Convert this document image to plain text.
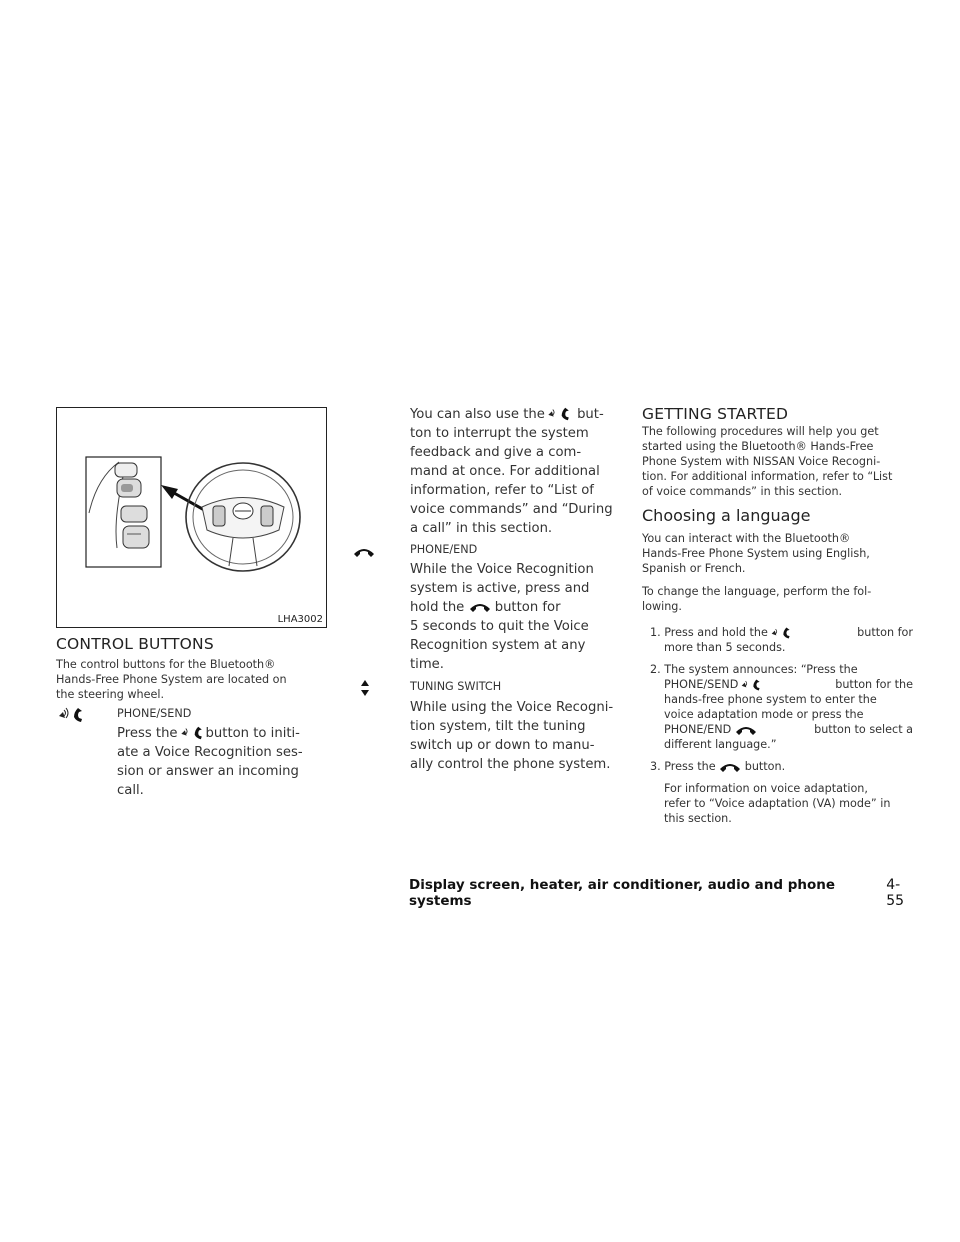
LHA3002
CONTROL BUTTONS
The control buttons for the Bluetooth®
Hands-Free Phone System are located on
the steering wheel.
PHONE/SEND
Press the button to initi-
ate a Voice Recognition ses-
sion or answer an incoming
call.
You can also use the but-
ton to interrupt the system
feedback and give a com-
mand at once. For additional
information, refer to “List of
voice commands” and “During
a call” in this section.
PHONE/END
While the Voice Recognition
system is active, press and
hold the button for
5 seconds to quit the Voice
Recognition system at any
time.
TUNING SWITCH
While using the Voice Recogni-
tion system, tilt the tuning
switch up or down to manu-
ally control the phone system.
GETTING STARTED
The following procedures will help you get
started using the Bluetooth® Hands-Free
Phone System with NISSAN Voice Recogni-
tion. For additional information, refer to “List
of voice commands” in this section.
Choosing a language
You can interact with the Bluetooth®
Hands-Free Phone System using English,
Spanish or French.
To change the language, perform the fol-
lowing.
1. Press and hold the	button for
more than 5 seconds.
2. The system announces: “Press the
PHONE/SEND	button for the
hands-free phone system to enter the
voice adaptation mode or press the
PHONE/END	button to select a
different language.”
3. Press the	button.
For information on voice adaptation,
refer to “Voice adaptation (VA) mode” in
this section.
Display screen, heater, air conditioner, audio and phone systems
4-55
